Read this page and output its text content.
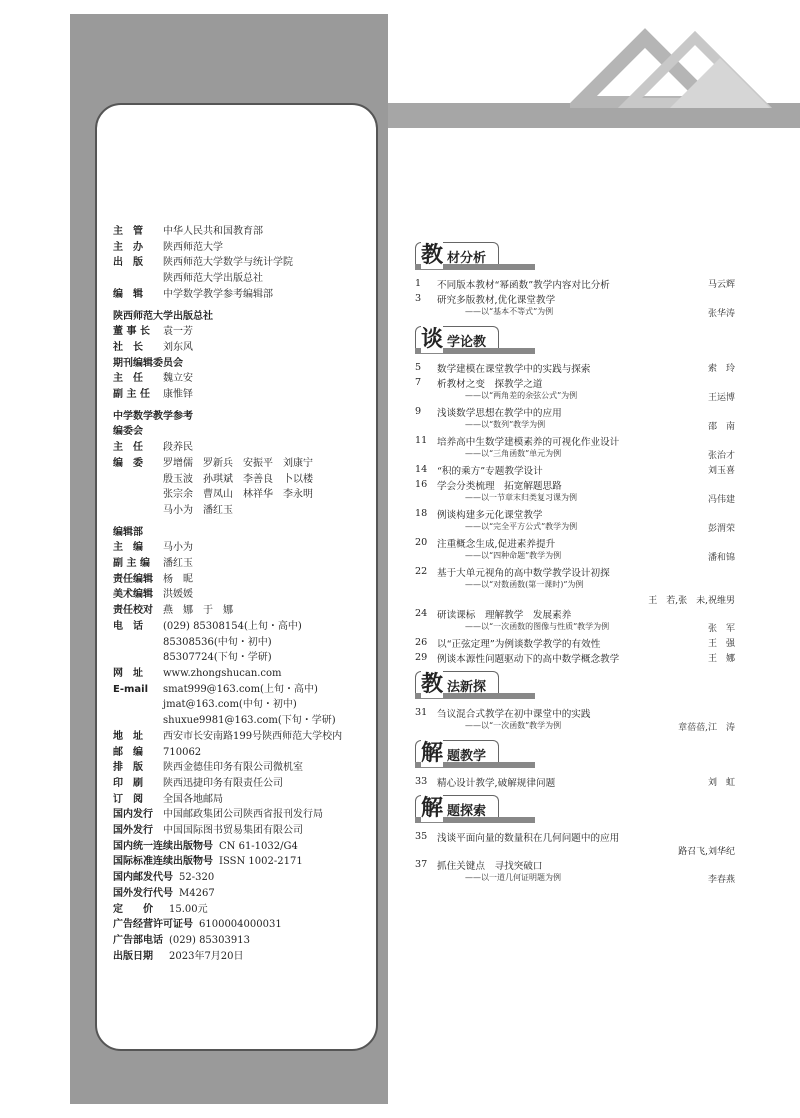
主　管	中华人民共和国教育部
主　办	陕西师范大学
出　版	陕西师范大学数学与统计学院
陕西师范大学出版总社
编　辑	中学数学教学参考编辑部
陕西师范大学出版总社
董 事 长	袁一芳
社　长	刘东风
期刊编辑委员会
主　任	魏立安
副 主 任	康惟铎
中学数学教学参考
编委会
主　任	段养民
编　委	罗增儒　罗新兵　安振平　刘康宁
殷玉波　孙琪斌　李善良　卜以楼
张宗余　曹凤山　林祥华　李永明
马小为　潘红玉
编辑部
主　编	马小为
副 主 编	潘红玉
责任编辑	杨　昵
美术编辑	洪媛媛
责任校对	燕　娜　于　娜
电　话	(029) 85308154(上旬・高中)
85308536(中旬・初中)
85307724(下旬・学研)
网　址	www.zhongshucan.com
E-mail	smat999@163.com(上旬・高中)
jmat@163.com(中旬・初中)
shuxue9981@163.com(下旬・学研)
地　址	西安市长安南路199号陕西师范大学校内
邮　编	710062
排　版	陕西金德佳印务有限公司微机室
印　刷	陕西迅捷印务有限责任公司
订　阅	全国各地邮局
国内发行	中国邮政集团公司陕西省报刊发行局
国外发行	中国国际图书贸易集团有限公司
国内统一连续出版物号 CN 61-1032/G4
国际标准连续出版物号 ISSN 1002-2171
国内邮发代号 52-320
国外发行代号 M4267
定　　价	15.00元
广告经营许可证号 6100004000031
广告部电话 (029) 85303913
出版日期	2023年7月20日
教 材分析
1	不同版本教材“幂函数”教学内容对比分析	马云辉
3	研究多版教材,优化课堂教学
——以“基本不等式”为例	张华涛
谈 学论教
5	数学建模在课堂教学中的实践与探索	索　玲
7	析教材之变　探教学之道
——以“两角差的余弦公式”为例	王运博
9	浅谈数学思想在教学中的应用
——以“数列”教学为例	邵　南
11	培养高中生数学建模素养的可视化作业设计
——以“三角函数”单元为例	张治才
14	“积的乘方”专题教学设计	刘玉喜
16	学会分类梳理　拓宽解题思路
——以一节章末归类复习课为例	冯伟建
18	例谈构建多元化课堂教学
——以“完全平方公式”教学为例	彭渭荣
20	注重概念生成,促进素养提升
——以“四种命题”教学为例	潘和锦
22	基于大单元视角的高中数学教学设计初探
——以“对数函数(第一课时)”为例
王　若,张　未,祝维男
24	研读课标　理解教学　发展素养
——以“一次函数的图像与性质”教学为例	张　军
26	以“正弦定理”为例谈数学教学的有效性	王　强
29	例谈本源性问题驱动下的高中数学概念教学	王　娜
教 法新探
31	刍议混合式教学在初中课堂中的实践
——以“一次函数”教学为例	章蓓蓓,江　涛
解 题教学
33	精心设计教学,破解规律问题	刘　虹
解 题探索
35	浅谈平面向量的数量积在几何问题中的应用
路召飞,刘华纪
37	抓住关键点　寻找突破口
——以一道几何证明题为例	李春燕
